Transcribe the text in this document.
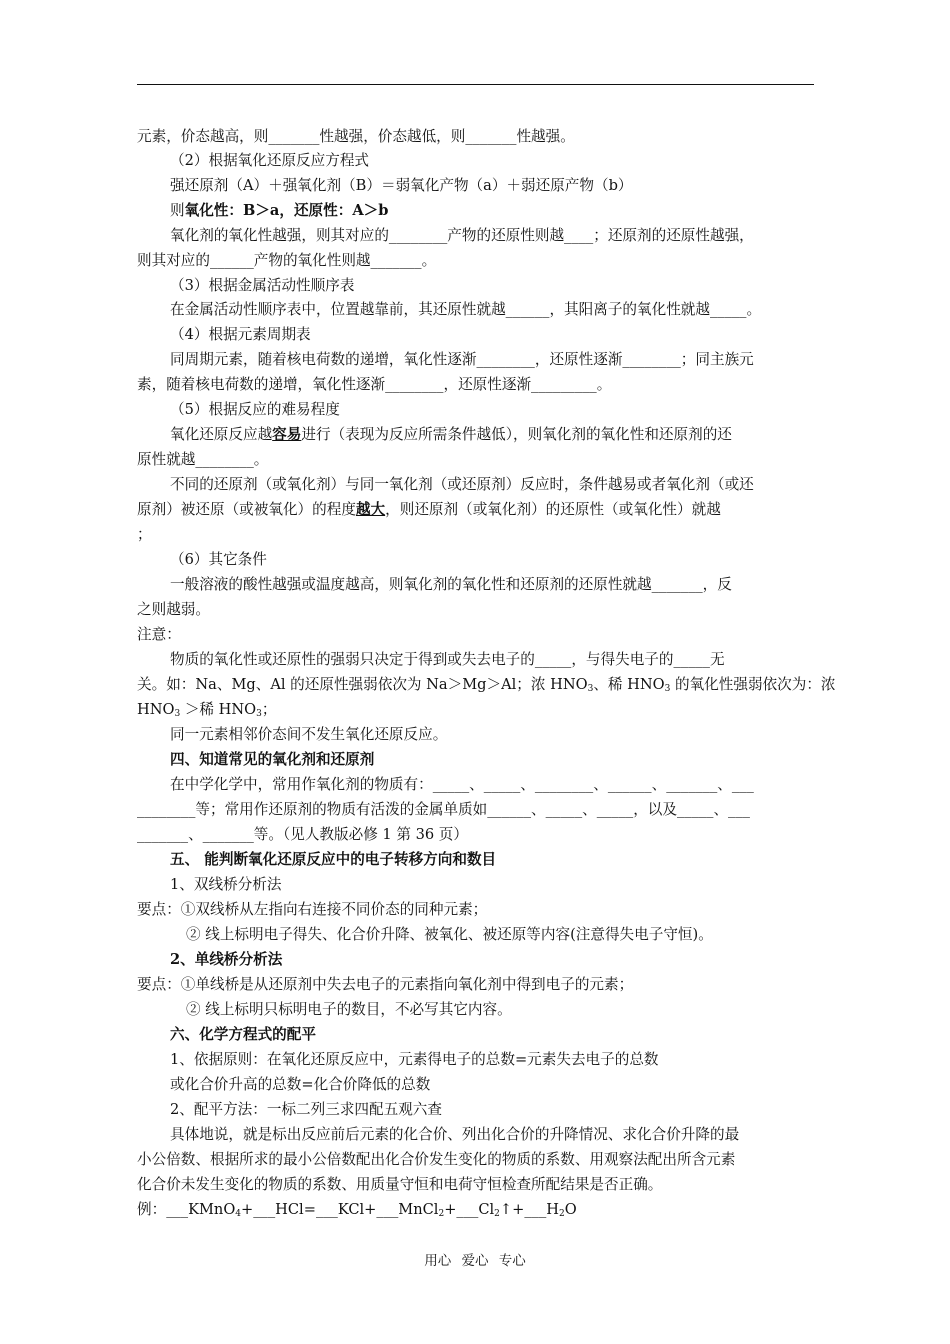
元素，价态越高，则_______性越强，价态越低，则_______性越强。
（2）根据氧化还原反应方程式
强还原剂（A）＋强氧化剂（B）＝弱氧化产物（a）＋弱还原产物（b）
则氧化性：B＞a，还原性：A＞b
氧化剂的氧化性越强，则其对应的________产物的还原性则越____；还原剂的还原性越强，
则其对应的______产物的氧化性则越_______。
（3）根据金属活动性顺序表
在金属活动性顺序表中，位置越靠前，其还原性就越______，其阳离子的氧化性就越_____。
（4）根据元素周期表
同周期元素，随着核电荷数的递增，氧化性逐渐________，还原性逐渐________；同主族元
素，随着核电荷数的递增，氧化性逐渐________，还原性逐渐_________。
（5）根据反应的难易程度
氧化还原反应越容易进行（表现为反应所需条件越低），则氧化剂的氧化性和还原剂的还
原性就越________。
不同的还原剂（或氧化剂）与同一氧化剂（或还原剂）反应时，条件越易或者氧化剂（或还
原剂）被还原（或被氧化）的程度越大，则还原剂（或氧化剂）的还原性（或氧化性）就越
；
（6）其它条件
一般溶液的酸性越强或温度越高，则氧化剂的氧化性和还原剂的还原性就越_______，反
之则越弱。
注意：
物质的氧化性或还原性的强弱只决定于得到或失去电子的_____，与得失电子的_____无
关。如：Na、Mg、Al 的还原性强弱依次为 Na＞Mg＞Al；浓 $HNO_3$、稀 $HNO_3$ 的氧化性强弱依次为：浓
$HNO_3$ ＞稀 $HNO_3$；
同一元素相邻价态间不发生氧化还原反应。
四、知道常见的氧化剂和还原剂
在中学化学中，常用作氧化剂的物质有：_____、_____、________、______、_______、___
________等；常用作还原剂的物质有活泼的金属单质如______、_____、_____，以及_____、___
_______、_______等。（见人教版必修 1 第 36 页）
五、 能判断氧化还原反应中的电子转移方向和数目
1、双线桥分析法
要点：①双线桥从左指向右连接不同价态的同种元素；
② 线上标明电子得失、化合价升降、被氧化、被还原等内容(注意得失电子守恒)。
2、单线桥分析法
要点：①单线桥是从还原剂中失去电子的元素指向氧化剂中得到电子的元素；
② 线上标明只标明电子的数目，不必写其它内容。
六、化学方程式的配平
1、依据原则：在氧化还原反应中，元素得电子的总数=元素失去电子的总数
或化合价升高的总数=化合价降低的总数
2、配平方法：一标二列三求四配五观六查
具体地说，就是标出反应前后元素的化合价、列出化合价的升降情况、求化合价升降的最
小公倍数、根据所求的最小公倍数配出化合价发生变化的物质的系数、用观察法配出所含元素
化合价未发生变化的物质的系数、用质量守恒和电荷守恒检查所配结果是否正确。
例：$\_\_\_KMnO_4+\_\_\_HCl=\_\_\_KCl+\_\_\_MnCl_2+\_\_\_Cl_2↑+\_\_\_H_2O$
用心 爱心 专心
